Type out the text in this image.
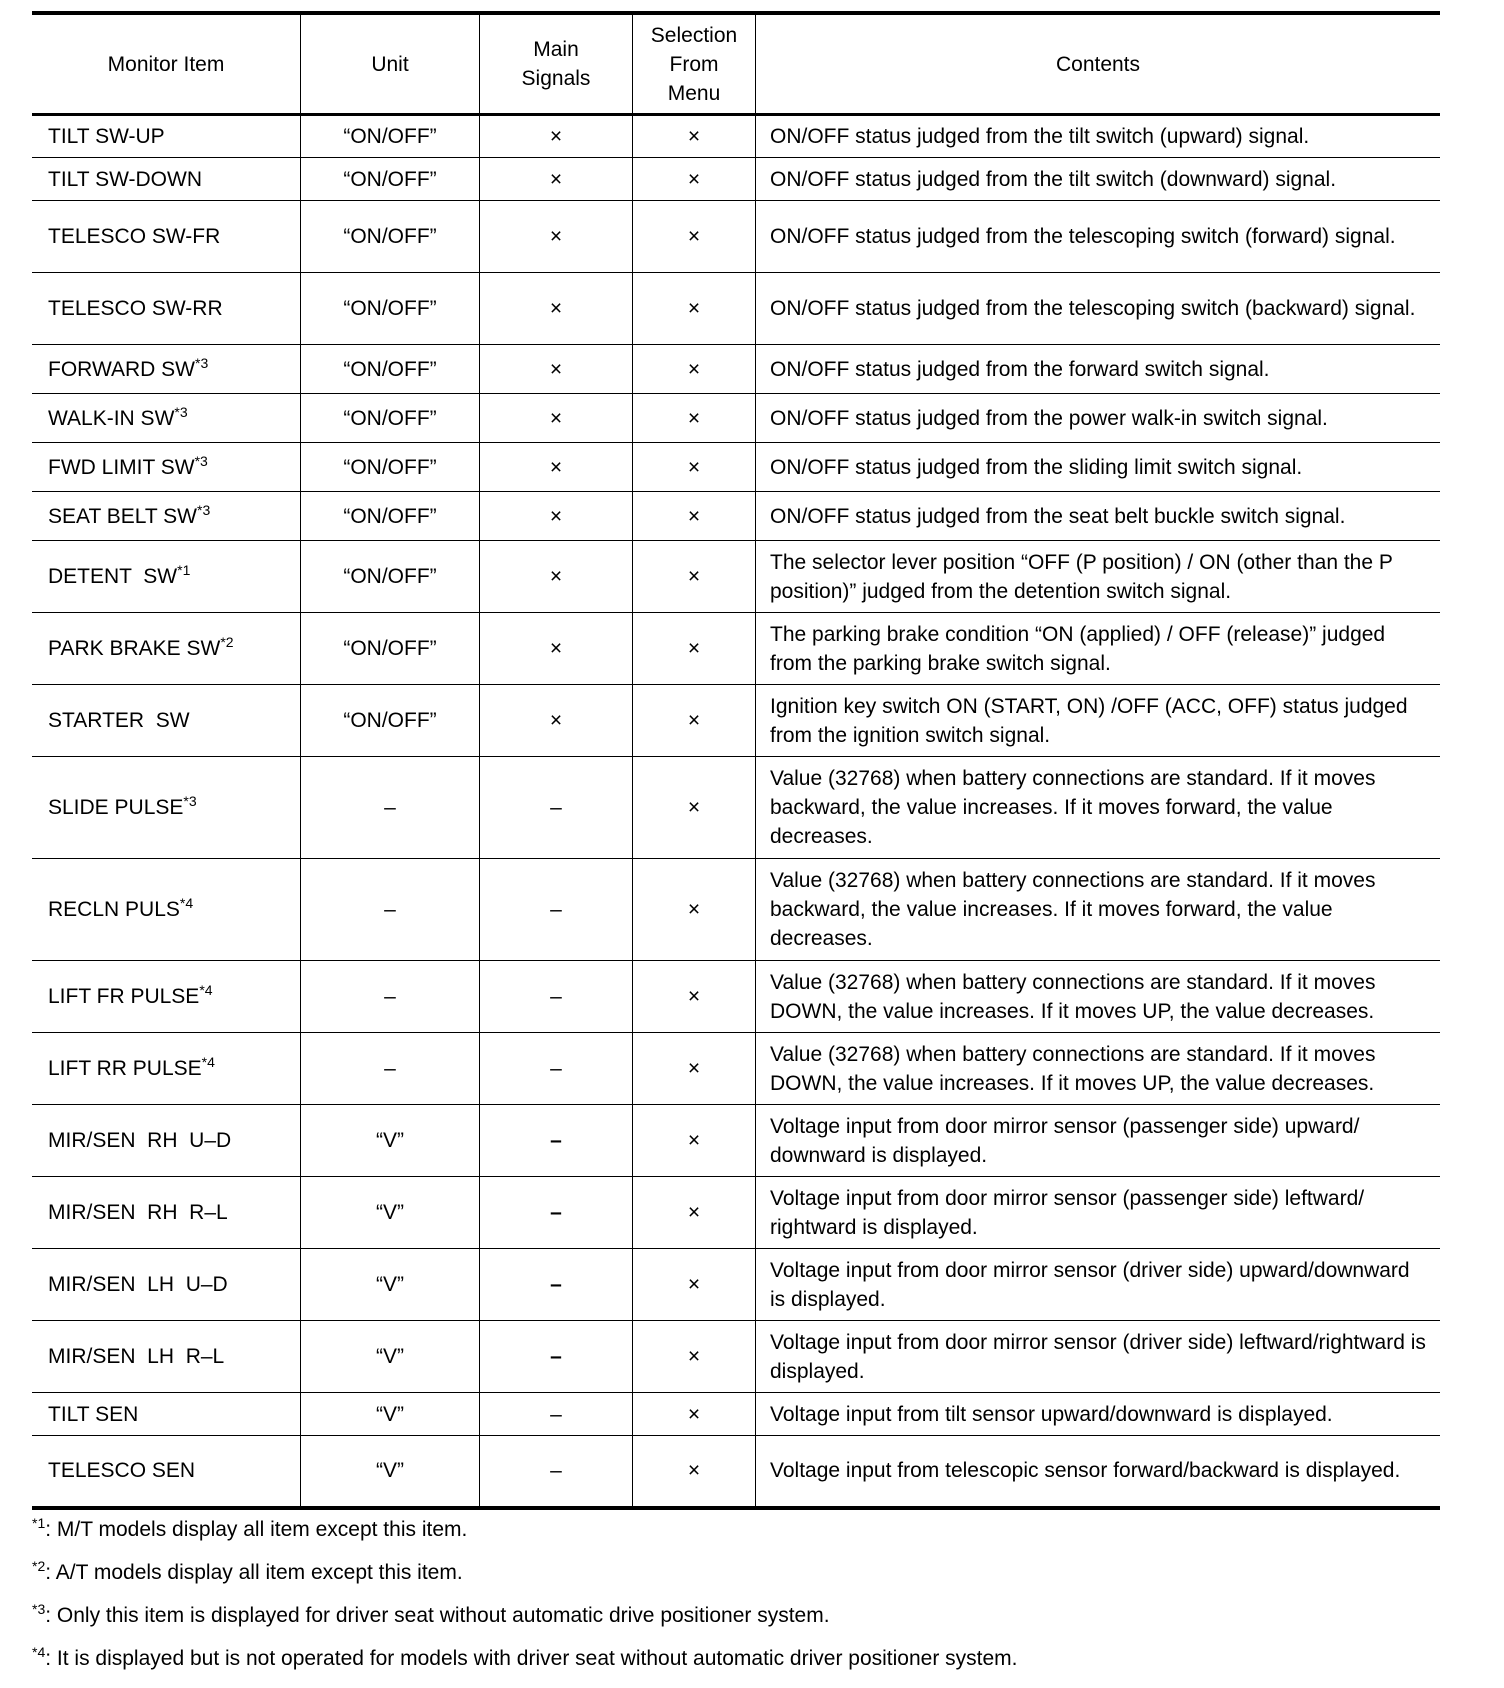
Monitor Item	Unit	Main Signals	Selection From Menu	Contents
TILT SW-UP	“ON/OFF”	×	×	ON/OFF status judged from the tilt switch (upward) signal.
TILT SW-DOWN	“ON/OFF”	×	×	ON/OFF status judged from the tilt switch (downward) signal.
TELESCO SW-FR	“ON/OFF”	×	×	ON/OFF status judged from the telescoping switch (forward) signal.
TELESCO SW-RR	“ON/OFF”	×	×	ON/OFF status judged from the telescoping switch (backward) signal.
FORWARD SW$^{*3}$	“ON/OFF”	×	×	ON/OFF status judged from the forward switch signal.
WALK-IN SW$^{*3}$	“ON/OFF”	×	×	ON/OFF status judged from the power walk-in switch signal.
FWD LIMIT SW$^{*3}$	“ON/OFF”	×	×	ON/OFF status judged from the sliding limit switch signal.
SEAT BELT SW$^{*3}$	“ON/OFF”	×	×	ON/OFF status judged from the seat belt buckle switch signal.
DETENT  SW$^{*1}$	“ON/OFF”	×	×	The selector lever position “OFF (P position) / ON (other than the P position)” judged from the detention switch signal.
PARK BRAKE SW$^{*2}$	“ON/OFF”	×	×	The parking brake condition “ON (applied) / OFF (release)” judged from the parking brake switch signal.
STARTER  SW	“ON/OFF”	×	×	Ignition key switch ON (START, ON) /OFF (ACC, OFF) status judged from the ignition switch signal.
SLIDE PULSE$^{*3}$	–	–	×	Value (32768) when battery connections are standard. If it moves backward, the value increases. If it moves forward, the value decreases.
RECLN PULS$^{*4}$	–	–	×	Value (32768) when battery connections are standard. If it moves backward, the value increases. If it moves forward, the value decreases.
LIFT FR PULSE$^{*4}$	–	–	×	Value (32768) when battery connections are standard. If it moves DOWN, the value increases. If it moves UP, the value decreases.
LIFT RR PULSE$^{*4}$	–	–	×	Value (32768) when battery connections are standard. If it moves DOWN, the value increases. If it moves UP, the value decreases.
MIR/SEN  RH  U–D	“V”	–	×	Voltage input from door mirror sensor (passenger side) upward/ downward is displayed.
MIR/SEN  RH  R–L	“V”	–	×	Voltage input from door mirror sensor (passenger side) leftward/ rightward is displayed.
MIR/SEN  LH  U–D	“V”	–	×	Voltage input from door mirror sensor (driver side) upward/downward is displayed.
MIR/SEN  LH  R–L	“V”	–	×	Voltage input from door mirror sensor (driver side) leftward/rightward is displayed.
TILT SEN	“V”	–	×	Voltage input from tilt sensor upward/downward is displayed.
TELESCO SEN	“V”	–	×	Voltage input from telescopic sensor forward/backward is displayed.
$^{*1}$: M/T models display all item except this item.
$^{*2}$: A/T models display all item except this item.
$^{*3}$: Only this item is displayed for driver seat without automatic drive positioner system.
$^{*4}$: It is displayed but is not operated for models with driver seat without automatic driver positioner system.
